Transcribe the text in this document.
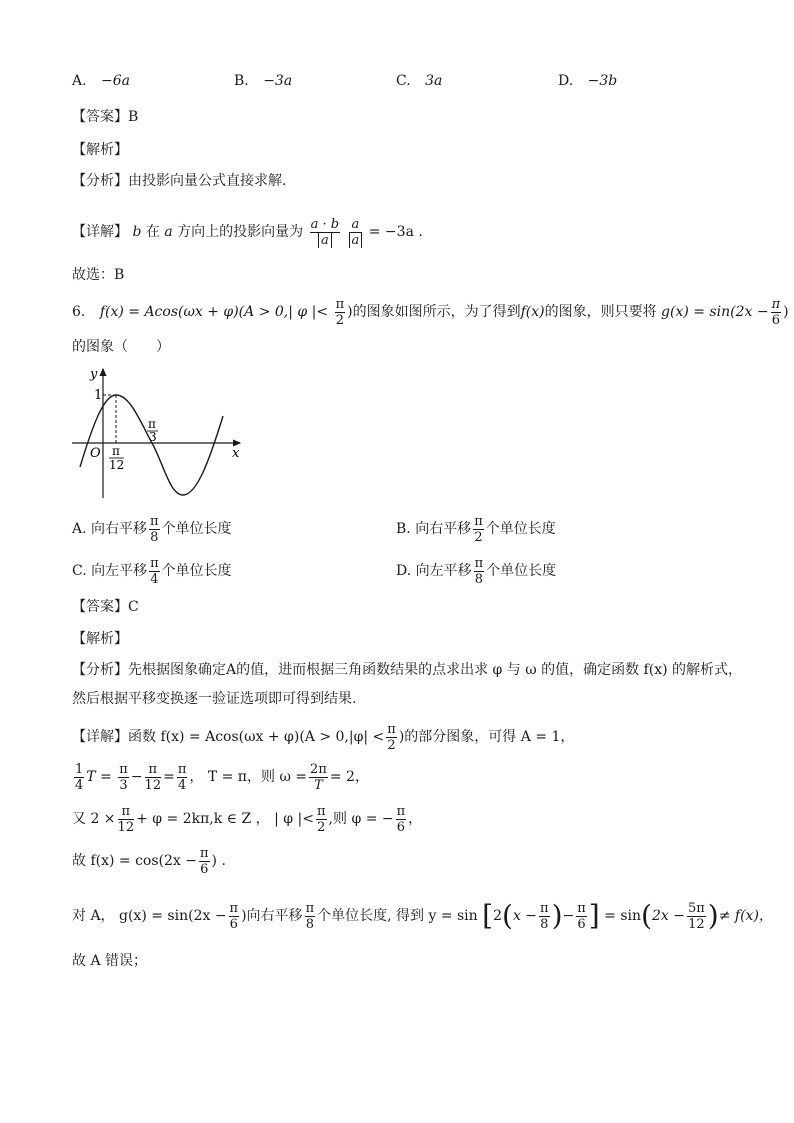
A. −6a	B. −3a	C. 3a	D. −3b
【答案】B
【解析】
【分析】由投影向量公式直接求解.
【详解】 b 在 a 方向上的投影向量为 $\frac{a \cdot b}{a}$
$\frac{a}{a} = -3a$ .
故选：B
6. f(x) = Acos(ωx + φ)(A > 0,| φ |< $\frac{\pi}{2}$ )的图象如图所示，为了得到f(x)的图象，则只要将 $g(x) = \sin(2x - \frac{\pi}{6}$ )
的图象（　　）
y
x
O
1
π
3
π
12
A. 向右平移 $\frac{\pi}{8}$ 个单位长度	B. 向右平移 $\frac{\pi}{2}$ 个单位长度
C. 向左平移 $\frac{\pi}{4}$ 个单位长度	D. 向左平移 $\frac{\pi}{8}$ 个单位长度
【答案】C
【解析】
【分析】先根据图象确定A的值，进而根据三角函数结果的点求出求 φ 与 ω 的值，确定函数 f(x) 的解析式，
然后根据平移变换逐一验证选项即可得到结果.
【详解】函数 $f(x) = Acos(\omega x + \varphi)(A > 0,|\varphi| < \frac{\pi}{2}$ )的部分图象，可得 A = 1，
$\frac{1}{4}$ $T = \frac{\pi}{3} - \frac{\pi}{12} = \frac{\pi}{4}$ ， T = π，则 $\omega = \frac{2\pi}{T} = 2$，
又 $2 \times \frac{\pi}{12} + \varphi = 2k\pi,k$ ∈ Z ， | φ |< $\frac{\pi}{2}$ ,则 φ = − $\frac{\pi}{6}$ ，
故 $f(x) = \cos(2x - \frac{\pi}{6}$ ) .
对 A， $g(x) = \sin(2x - \frac{\pi}{6}$ )向右平移 $\frac{\pi}{8}$ 个单位长度, 得到 $y = \sin [2(x - \frac{\pi}{8}$ )− $\frac{\pi}{6}$ ] = $\sin(2x - \frac{5\pi}{12}$ )≠ f(x)，
故 A 错误；
